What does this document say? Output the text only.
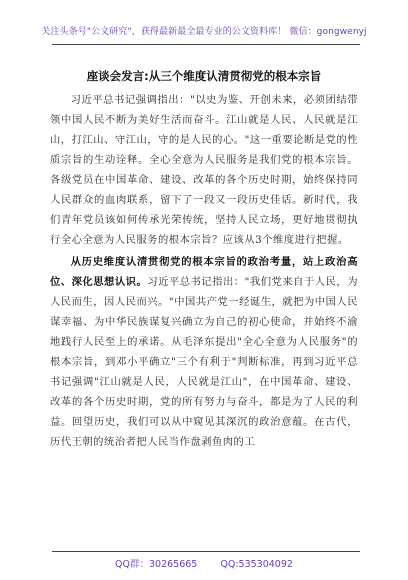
关注头条号"公文研究"，获得最新最全最专业的公文资料库！ 微信：gongwenyj
座谈会发言:从三个维度认清贯彻党的根本宗旨

习近平总书记强调指出："以史为鉴、开创未来，必须团结带领中国人民不断为美好生活而奋斗。江山就是人民、人民就是江山，打江山、守江山，守的是人民的心。"这一重要论断是党的性质宗旨的生动诠释。全心全意为人民服务是我们党的根本宗旨。各级党员在中国革命、建设、改革的各个历史时期，始终保持同人民群众的血肉联系，留下了一段又一段历史佳话。新时代，我们青年党员该如何传承光荣传统，坚持人民立场，更好地贯彻执行全心全意为人民服务的根本宗旨？应该从3个维度进行把握。

从历史维度认清贯彻党的根本宗旨的政治考量，站上政治高位、深化思想认识。习近平总书记指出："我们党来自于人民，为人民而生，因人民而兴。"中国共产党一经诞生，就把为中国人民谋幸福、为中华民族谋复兴确立为自己的初心使命，并始终不渝地践行人民至上的承诺。从毛泽东提出"全心全意为人民服务"的根本宗旨，到邓小平确立"三个有利于"判断标准，再到习近平总书记强调"江山就是人民，人民就是江山"，在中国革命、建设、改革的各个历史时期，党的所有努力与奋斗，都是为了人民的利益。回望历史，我们可以从中窥见其深沉的政治意蕴。在古代，历代王朝的统治者把人民当作盘剥鱼肉的工

QQ群：30265665 QQ:535304092
